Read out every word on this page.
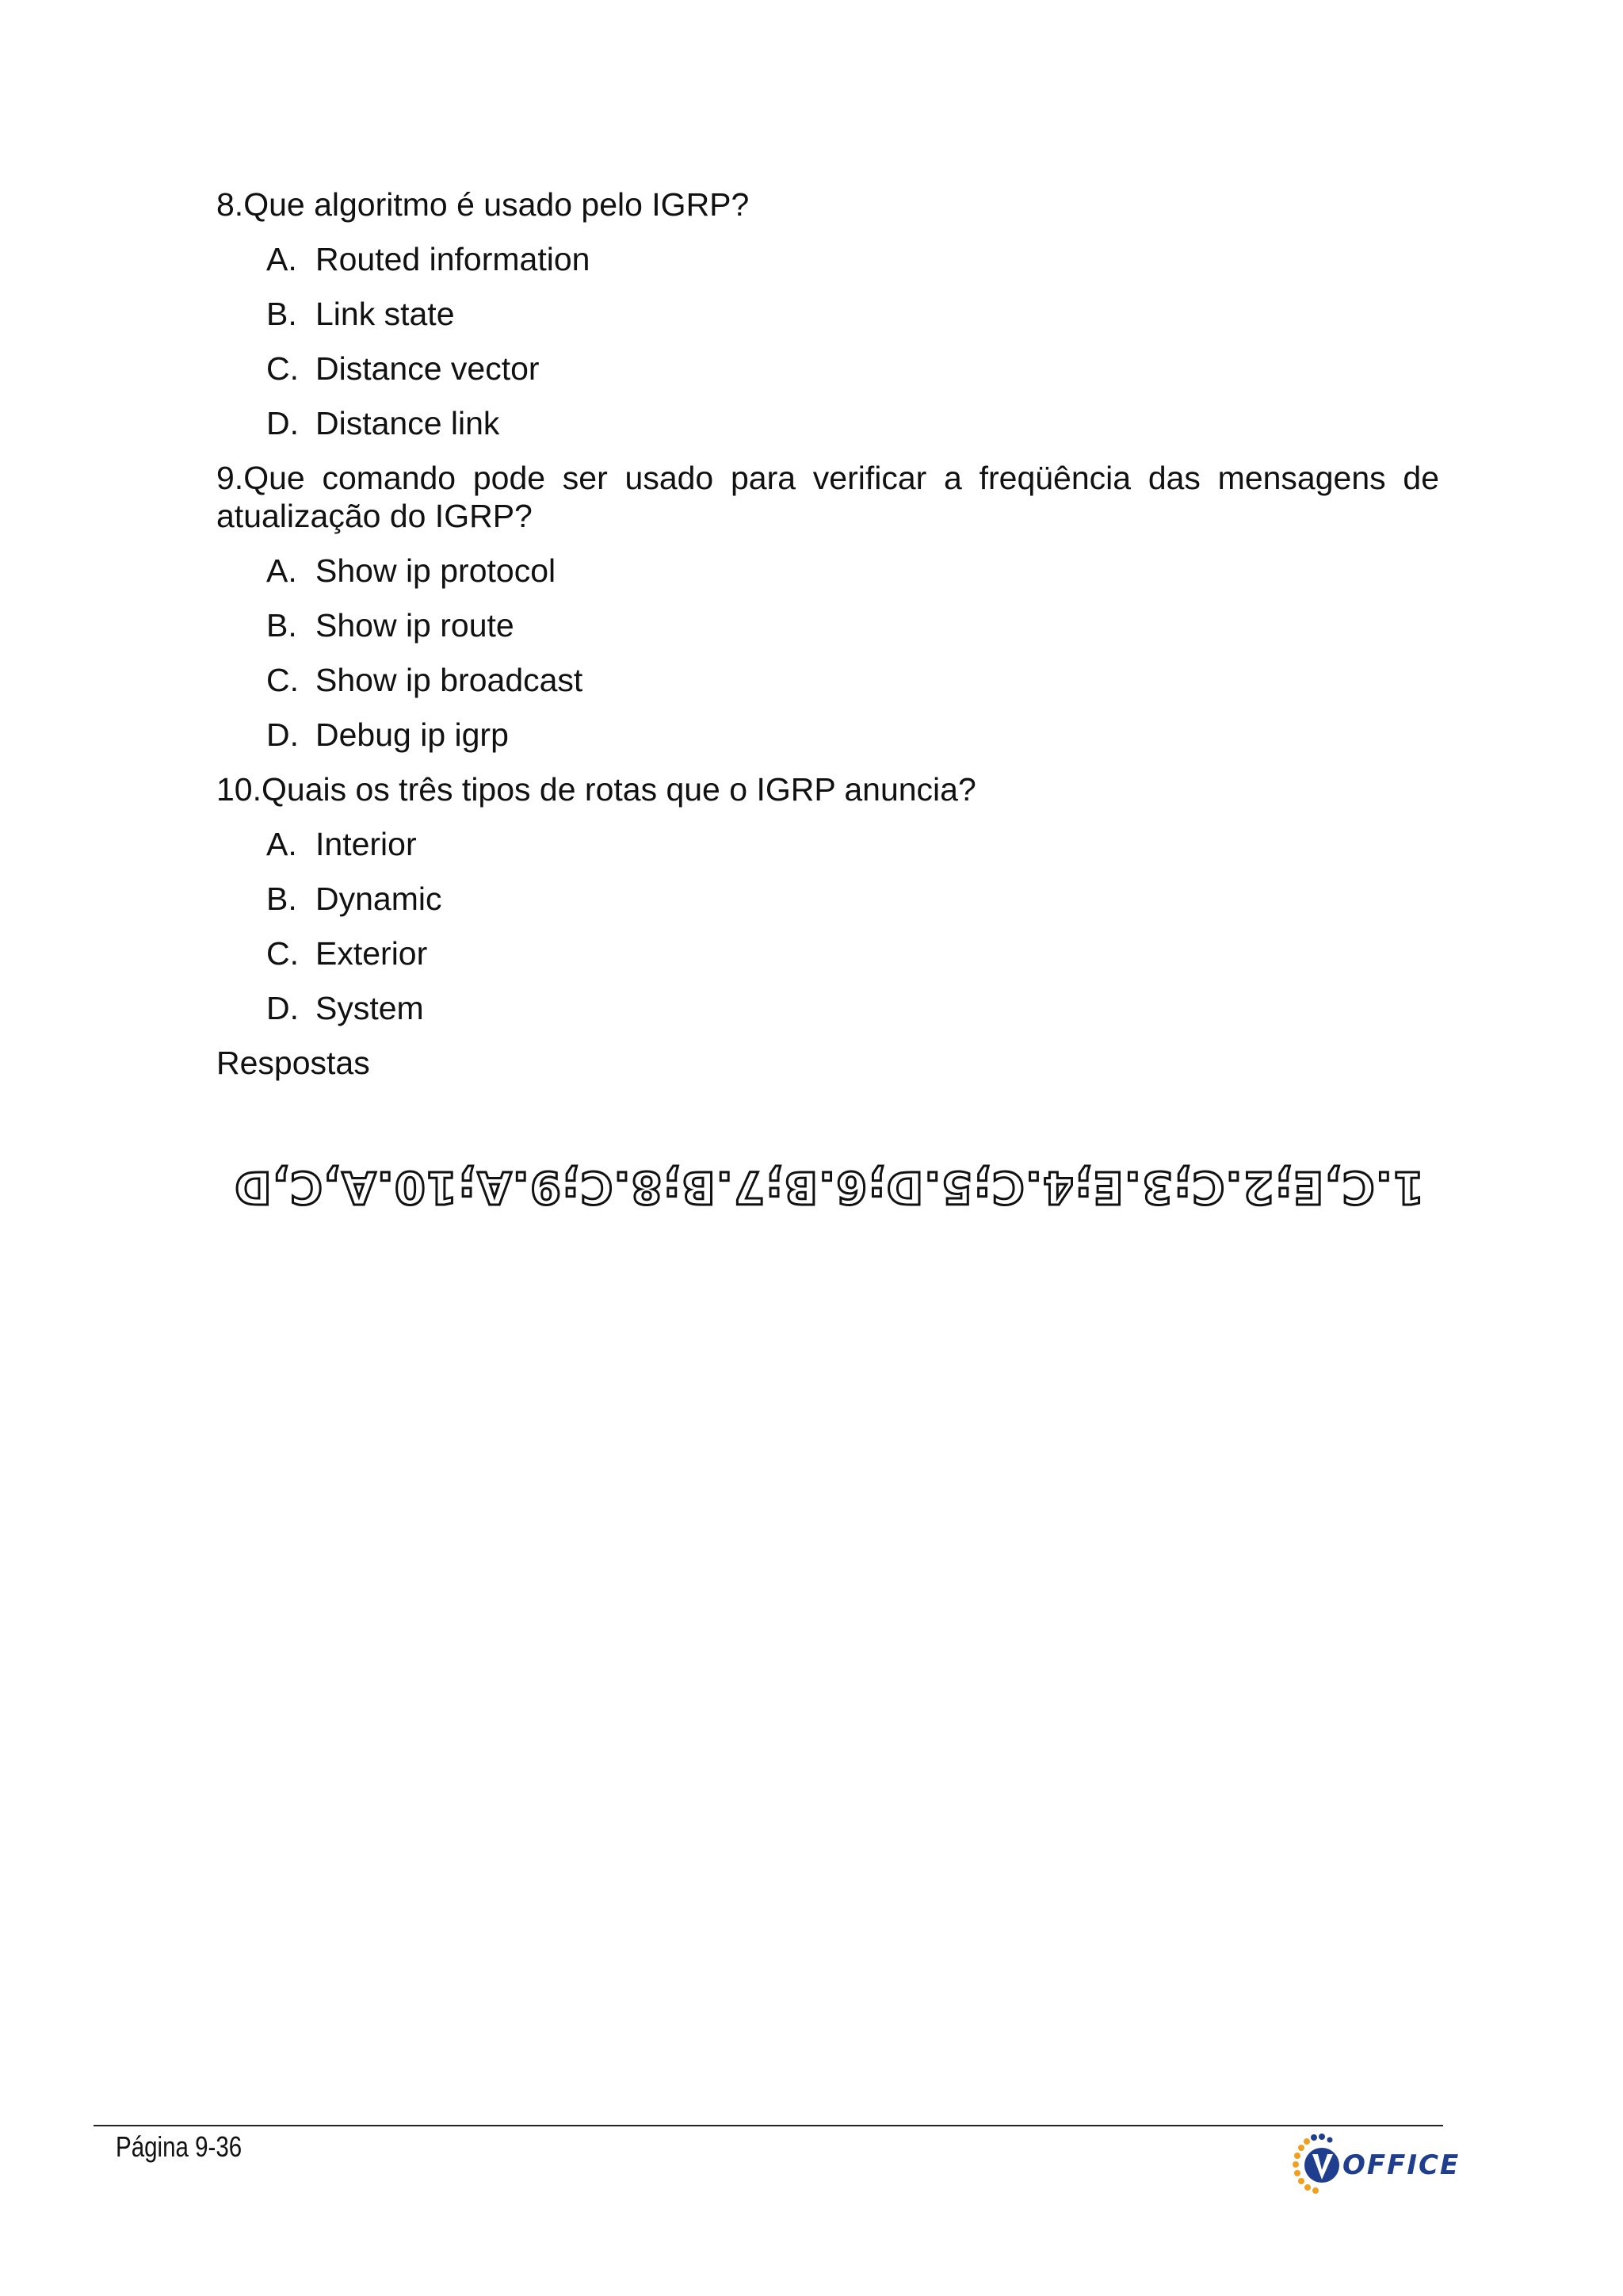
8.Que algoritmo é usado pelo IGRP?

A. Routed information
B. Link state
C. Distance vector
D. Distance link

9.Que comando pode ser usado para verificar a freqüência das mensagens de atualização do IGRP?

A. Show ip protocol
B. Show ip route
C. Show ip broadcast
D. Debug ip igrp

10.Quais os três tipos de rotas que o IGRP anuncia?

A. Interior
B. Dynamic
C. Exterior
D. System

Respostas

1.C,E;2.C;3.E;4.C;5.D;6.B;7.B;8.C;9.A;10.A,C,D
Página 9-36
OFFICE
